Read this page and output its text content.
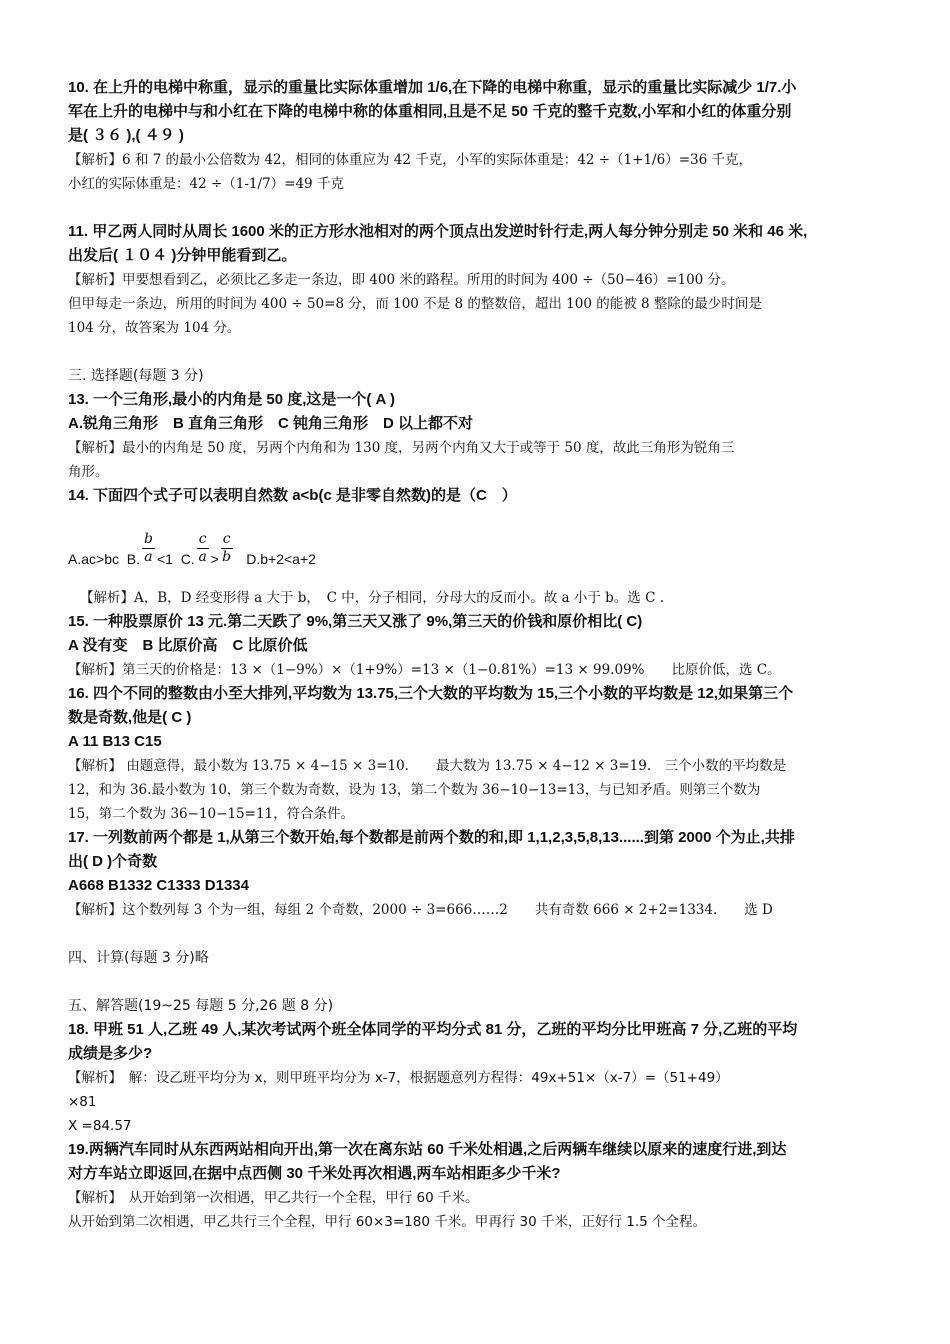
10. 在上升的电梯中称重，显示的重量比实际体重增加 1/6,在下降的电梯中称重，显示的重量比实际减少 1/7.小
军在上升的电梯中与和小红在下降的电梯中称的体重相同,且是不足 50 千克的整千克数,小军和小红的体重分别
是( ３６ ),( ４９ )
【解析】6 和 7 的最小公倍数为 42，相同的体重应为 42 千克，小军的实际体重是：42 ÷（1+1/6）=36 千克，
小红的实际体重是：42 ÷（1-1/7）=49 千克
11. 甲乙两人同时从周长 1600 米的正方形水池相对的两个顶点出发逆时针行走,两人每分钟分别走 50 米和 46 米,
出发后( １０４ )分钟甲能看到乙。
【解析】甲要想看到乙，必须比乙多走一条边，即 400 米的路程。所用的时间为 400 ÷（50−46）=100 分。
但甲每走一条边，所用的时间为 400 ÷ 50=8 分，而 100 不是 8 的整数倍，超出 100 的能被 8 整除的最少时间是
104 分，故答案为 104 分。
三. 选择题(每题 3 分)
13. 一个三角形,最小的内角是 50 度,这是一个( A )
A.锐角三角形　B 直角三角形　C 钝角三角形　D 以上都不对
【解析】最小的内角是 50 度，另两个内角和为 130 度，另两个内角又大于或等于 50 度，故此三角形为锐角三
角形。
14. 下面四个式子可以表明自然数 a<b(c 是非零自然数)的是（C　）
A.ac>bc  B. $\frac{b}{a} <1$  C. $\frac{c}{a} > \frac{c}{b} D.b+2<a+2$
【解析】A，B，D 经变形得 a 大于 b，　C 中，分子相同，分母大的反而小。故 a 小于 b。选 C .
15. 一种股票原价 13 元.第二天跌了 9%,第三天又涨了 9%,第三天的价钱和原价相比( C)
A 没有变　B 比原价高　C 比原价低
【解析】第三天的价格是：13 ×（1−9%）×（1+9%）=13 ×（1−0.81%）=13 × 99.09%　　比原价低，选 C。
16. 四个不同的整数由小至大排列,平均数为 13.75,三个大数的平均数为 15,三个小数的平均数是 12,如果第三个
数是奇数,他是( C )
A 11 B13 C15
【解析】 由题意得，最小数为 13.75 × 4−15 × 3=10.　　最大数为 13.75 × 4−12 × 3=19.　三个小数的平均数是
12，和为 36.最小数为 10，第三个数为奇数，设为 13，第二个数为 36−10−13=13，与已知矛盾。则第三个数为
15，第二个数为 36−10−15=11，符合条件。
17. 一列数前两个都是 1,从第三个数开始,每个数都是前两个数的和,即 1,1,2,3,5,8,13......到第 2000 个为止,共排
出( D )个奇数
A668 B1332 C1333 D1334
【解析】这个数列每 3 个为一组，每组 2 个奇数，2000 ÷ 3=666……2　　共有奇数 666 × 2+2=1334.　　选 D
四、计算(每题 3 分)略
五、解答题(19~25 每题 5 分,26 题 8 分)
18. 甲班 51 人,乙班 49 人,某次考试两个班全体同学的平均分式 81 分，乙班的平均分比甲班高 7 分,乙班的平均
成绩是多少?
【解析】　解：设乙班平均分为 x，则甲班平均分为 x-7，根据题意列方程得：49x+51×（x-7）=（51+49）
×81
X =84.57
19.两辆汽车同时从东西两站相向开出,第一次在离东站 60 千米处相遇,之后两辆车继续以原来的速度行进,到达
对方车站立即返回,在据中点西侧 30 千米处再次相遇,两车站相距多少千米?
【解析】　从开始到第一次相遇，甲乙共行一个全程，甲行 60 千米。
从开始到第二次相遇，甲乙共行三个全程，甲行 60×3=180 千米。甲再行 30 千米，正好行 1.5 个全程。
